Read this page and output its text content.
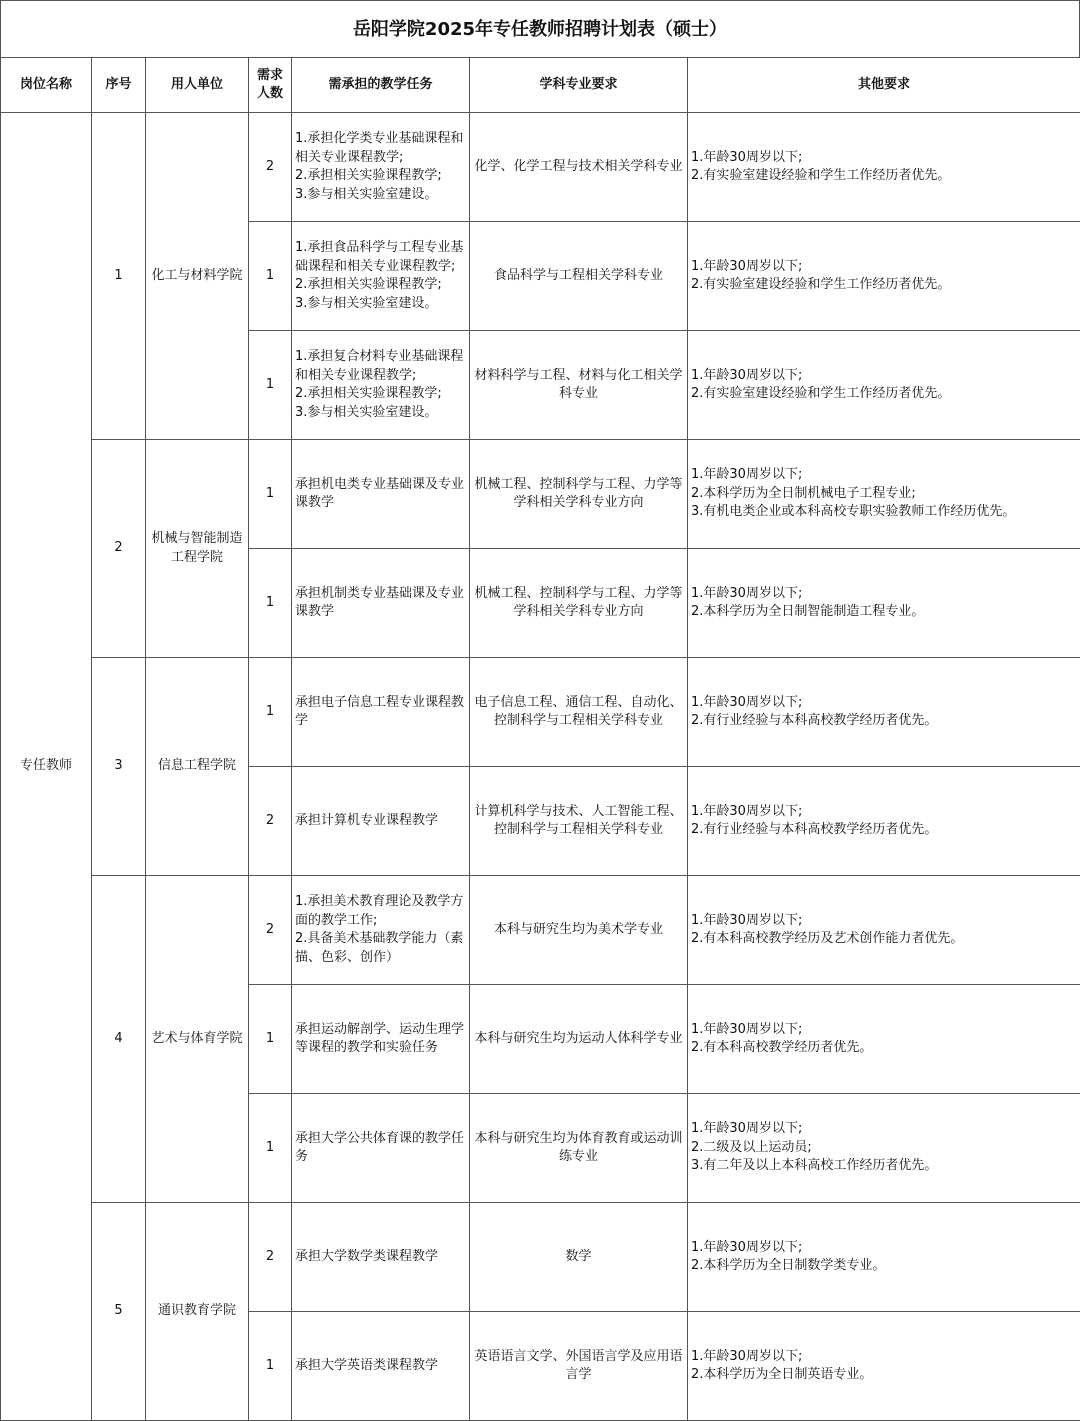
岳阳学院2025年专任教师招聘计划表（硕士）
岗位名称	序号	用人单位	需求人数	需承担的教学任务	学科专业要求	其他要求
专任教师	1	化工与材料学院	2	1.承担化学类专业基础课程和相关专业课程教学;
2.承担相关实验课程教学;
3.参与相关实验室建设。	化学、化学工程与技术相关学科专业	1.年龄30周岁以下;
2.有实验室建设经验和学生工作经历者优先。

			1	1.承担食品科学与工程专业基础课程和相关专业课程教学;
2.承担相关实验课程教学;
3.参与相关实验室建设。	食品科学与工程相关学科专业	1.年龄30周岁以下;
2.有实验室建设经验和学生工作经历者优先。

			1	1.承担复合材料专业基础课程和相关专业课程教学;
2.承担相关实验课程教学;
3.参与相关实验室建设。	材料科学与工程、材料与化工相关学科专业	1.年龄30周岁以下;
2.有实验室建设经验和学生工作经历者优先。

	2	机械与智能制造工程学院	1	承担机电类专业基础课及专业课教学	机械工程、控制科学与工程、力学等学科相关学科专业方向	1.年龄30周岁以下;
2.本科学历为全日制机械电子工程专业;
3.有机电类企业或本科高校专职实验教师工作经历优先。

			1	承担机制类专业基础课及专业课教学	机械工程、控制科学与工程、力学等学科相关学科专业方向	1.年龄30周岁以下;
2.本科学历为全日制智能制造工程专业。

	3	信息工程学院	1	承担电子信息工程专业课程教学	电子信息工程、通信工程、自动化、控制科学与工程相关学科专业	1.年龄30周岁以下;
2.有行业经验与本科高校教学经历者优先。

			2	承担计算机专业课程教学	计算机科学与技术、人工智能工程、控制科学与工程相关学科专业	1.年龄30周岁以下;
2.有行业经验与本科高校教学经历者优先。

	4	艺术与体育学院	2	1.承担美术教育理论及教学方面的教学工作;
2.具备美术基础教学能力（素描、色彩、创作）	本科与研究生均为美术学专业	1.年龄30周岁以下;
2.有本科高校教学经历及艺术创作能力者优先。

			1	承担运动解剖学、运动生理学等课程的教学和实验任务	本科与研究生均为运动人体科学专业	1.年龄30周岁以下;
2.有本科高校教学经历者优先。

			1	承担大学公共体育课的教学任务	本科与研究生均为体育教育或运动训练专业	1.年龄30周岁以下;
2.二级及以上运动员;
3.有二年及以上本科高校工作经历者优先。

	5	通识教育学院	2	承担大学数学类课程教学	数学	1.年龄30周岁以下;
2.本科学历为全日制数学类专业。

			1	承担大学英语类课程教学	英语语言文学、外国语言学及应用语言学	1.年龄30周岁以下;
2.本科学历为全日制英语专业。
